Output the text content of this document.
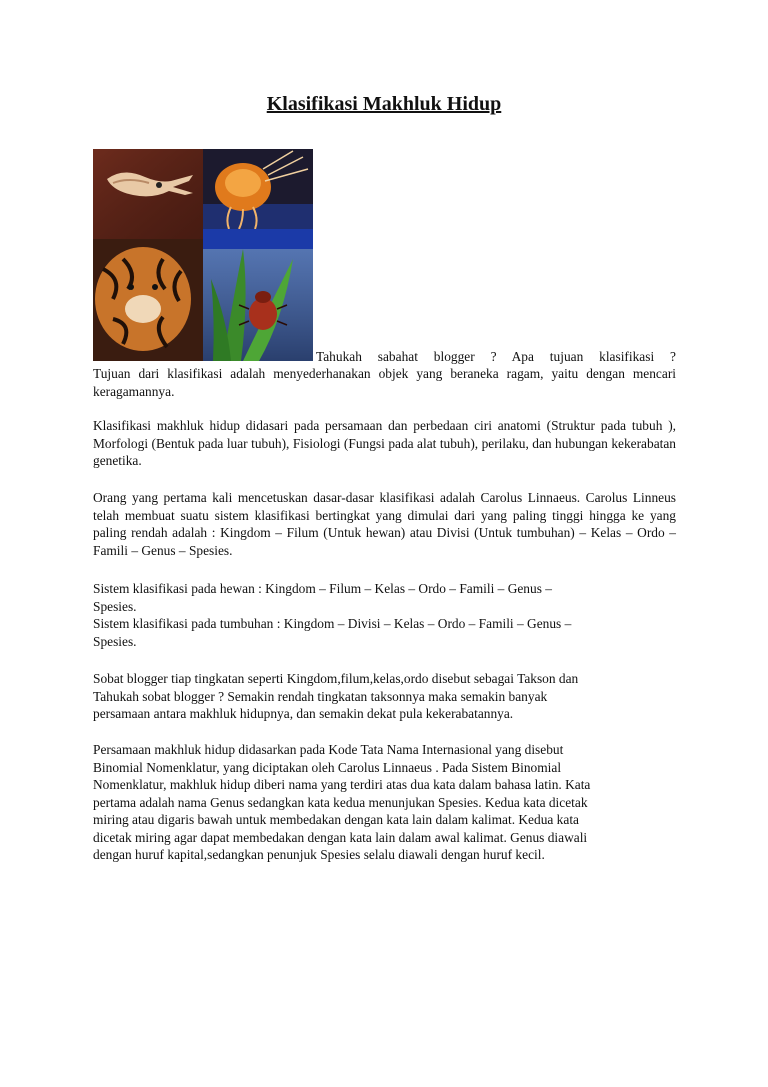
Klasifikasi Makhluk Hidup
Tahukah sabahat blogger ? Apa tujuan klasifikasi ?
Tujuan dari klasifikasi adalah menyederhanakan objek yang beraneka ragam, yaitu dengan mencari keragamannya.
Klasifikasi makhluk hidup didasari pada persamaan dan perbedaan ciri anatomi (Struktur pada tubuh ), Morfologi (Bentuk pada luar tubuh), Fisiologi (Fungsi pada alat tubuh), perilaku, dan hubungan kekerabatan genetika.
Orang yang pertama kali mencetuskan dasar-dasar klasifikasi adalah Carolus Linnaeus. Carolus Linneus telah membuat suatu sistem klasifikasi bertingkat yang dimulai dari yang paling tinggi hingga ke yang paling rendah adalah : Kingdom – Filum (Untuk hewan) atau Divisi (Untuk tumbuhan) – Kelas – Ordo – Famili – Genus – Spesies.
Sistem klasifikasi pada hewan : Kingdom – Filum – Kelas – Ordo – Famili – Genus –
Spesies.
Sistem klasifikasi pada tumbuhan : Kingdom – Divisi – Kelas – Ordo – Famili – Genus –
Spesies.
Sobat blogger tiap tingkatan seperti Kingdom,filum,kelas,ordo disebut sebagai Takson dan
Tahukah sobat blogger ? Semakin rendah tingkatan taksonnya maka semakin banyak
persamaan antara makhluk hidupnya, dan semakin dekat pula kekerabatannya.
Persamaan makhluk hidup didasarkan pada Kode Tata Nama Internasional yang disebut
Binomial Nomenklatur, yang diciptakan oleh Carolus Linnaeus . Pada Sistem Binomial
Nomenklatur, makhluk hidup diberi nama yang terdiri atas dua kata dalam bahasa latin. Kata
pertama adalah nama Genus sedangkan kata kedua menunjukan Spesies. Kedua kata dicetak
miring atau digaris bawah untuk membedakan dengan kata lain dalam kalimat. Kedua kata
dicetak miring agar dapat membedakan dengan kata lain dalam awal kalimat. Genus diawali
dengan huruf kapital,sedangkan penunjuk Spesies selalu diawali dengan huruf kecil.
